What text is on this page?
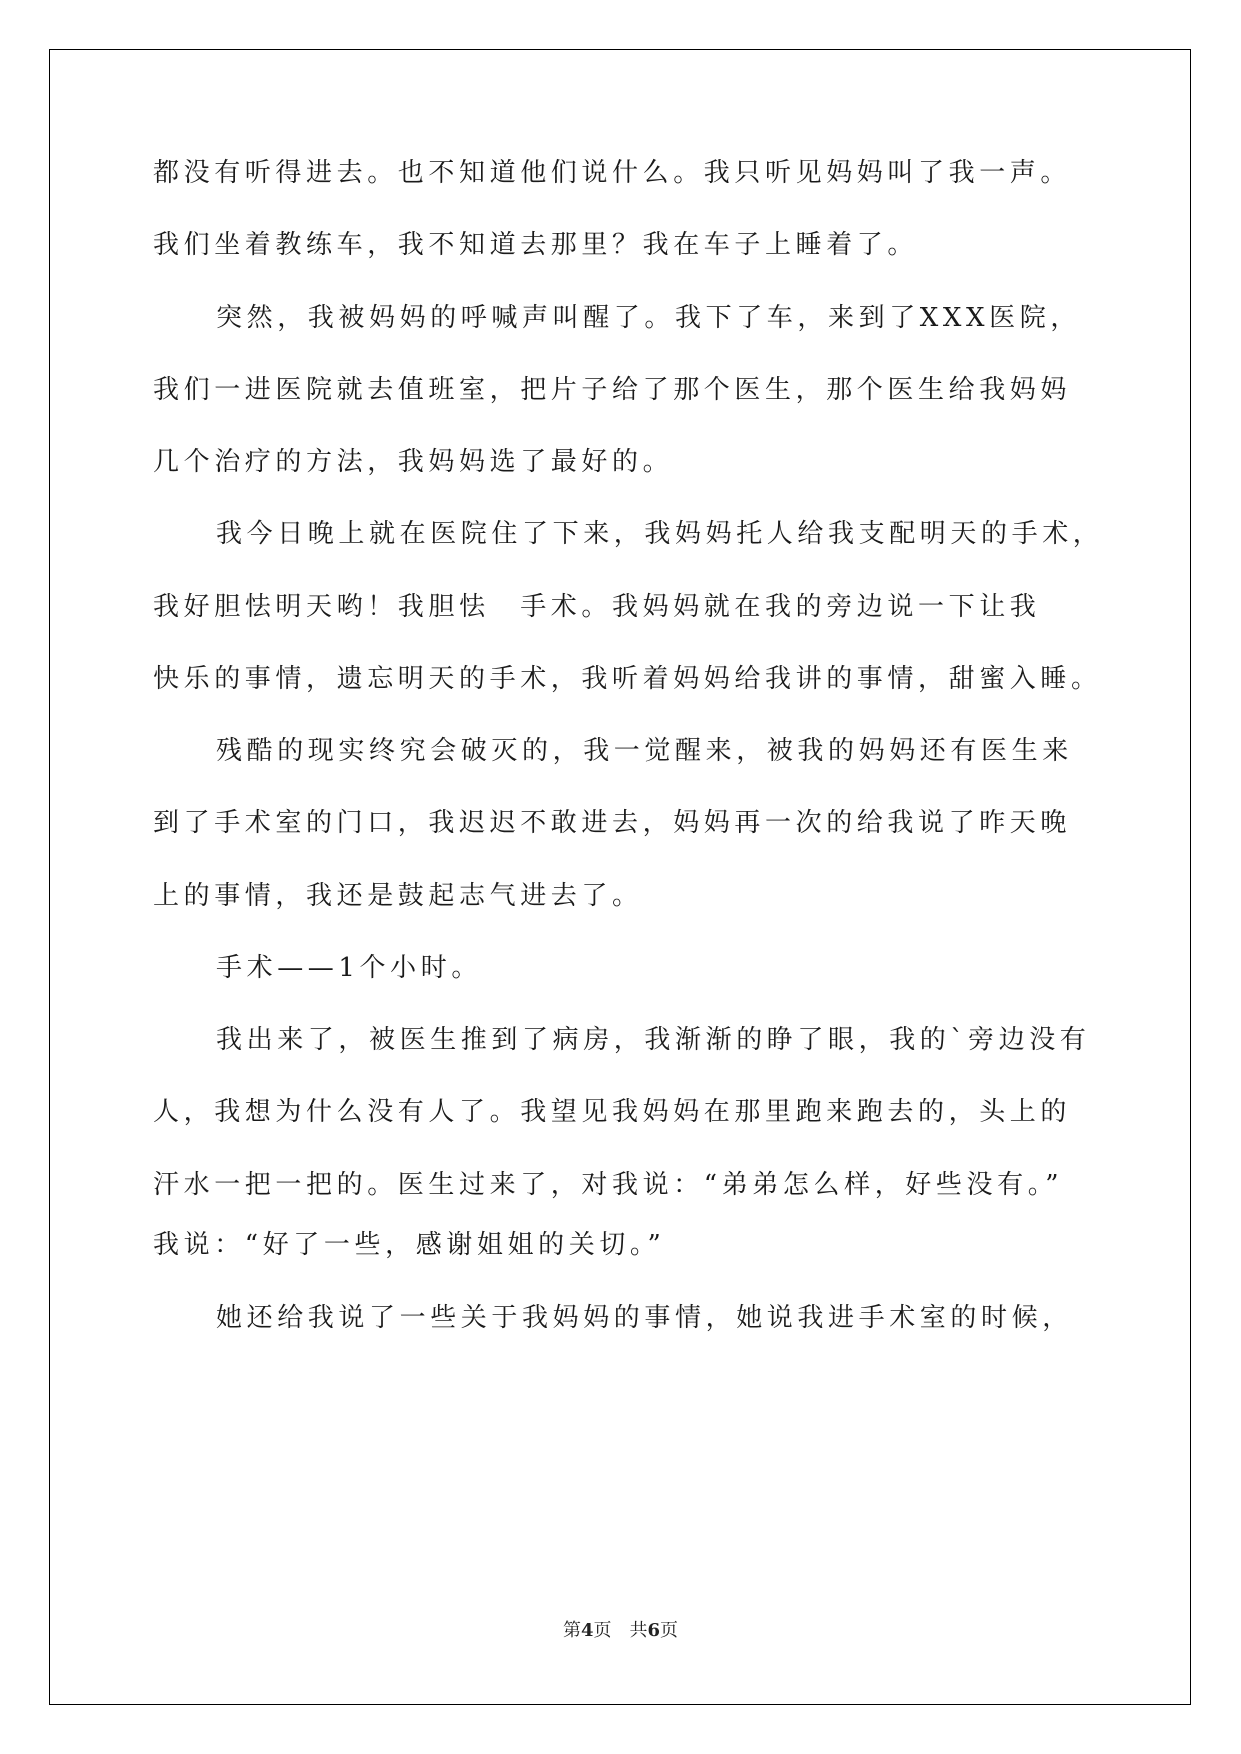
都没有听得进去。也不知道他们说什么。我只听见妈妈叫了我一声。
我们坐着教练车，我不知道去那里？我在车子上睡着了。
突然，我被妈妈的呼喊声叫醒了。我下了车，来到了XXX医院，
我们一进医院就去值班室，把片子给了那个医生，那个医生给我妈妈
几个治疗的方法，我妈妈选了最好的。
我今日晚上就在医院住了下来，我妈妈托人给我支配明天的手术，
我好胆怯明天哟！我胆怯　手术。我妈妈就在我的旁边说一下让我
快乐的事情，遗忘明天的手术，我听着妈妈给我讲的事情，甜蜜入睡。
残酷的现实终究会破灭的，我一觉醒来，被我的妈妈还有医生来
到了手术室的门口，我迟迟不敢进去，妈妈再一次的给我说了昨天晚
上的事情，我还是鼓起志气进去了。
手术——1个小时。
我出来了，被医生推到了病房，我渐渐的睁了眼，我的`旁边没有
人，我想为什么没有人了。我望见我妈妈在那里跑来跑去的，头上的
汗水一把一把的。医生过来了，对我说：“弟弟怎么样，好些没有。”
我说：“好了一些，感谢姐姐的关切。”
她还给我说了一些关于我妈妈的事情，她说我进手术室的时候，
第4页　共6页
